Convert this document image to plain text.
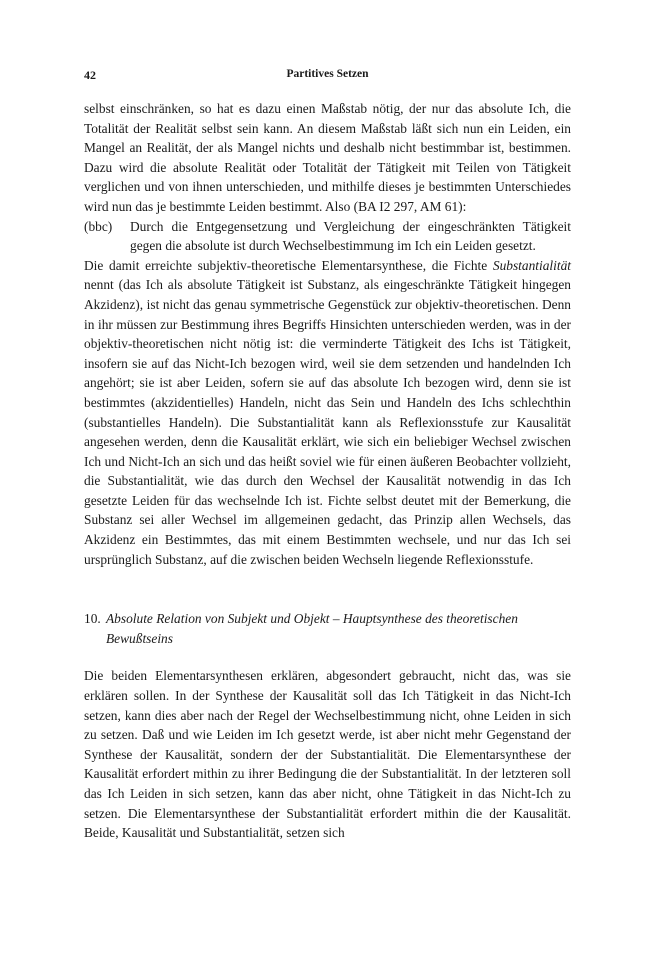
Partitives Setzen
42

selbst einschränken, so hat es dazu einen Maßstab nötig, der nur das absolute Ich, die Totalität der Realität selbst sein kann. An diesem Maßstab läßt sich nun ein Leiden, ein Mangel an Realität, der als Mangel nichts und deshalb nicht bestimmbar ist, bestimmen. Dazu wird die absolute Realität oder Totalität der Tätigkeit mit Teilen von Tätigkeit verglichen und von ihnen unterschieden, und mithilfe dieses je bestimmten Unterschiedes wird nun das je bestimmte Leiden bestimmt. Also (BA I2 297, AM 61):

(bbc)	Durch die Entgegensetzung und Vergleichung der eingeschränkten Tätigkeit gegen die absolute ist durch Wechselbestimmung im Ich ein Leiden gesetzt.

Die damit erreichte subjektiv-theoretische Elementarsynthese, die Fichte Substantialität nennt (das Ich als absolute Tätigkeit ist Substanz, als eingeschränkte Tätigkeit hingegen Akzidenz), ist nicht das genau symmetrische Gegenstück zur objektiv-theoretischen. Denn in ihr müssen zur Bestimmung ihres Begriffs Hinsichten unterschieden werden, was in der objektiv-theoretischen nicht nötig ist: die verminderte Tätigkeit des Ichs ist Tätigkeit, insofern sie auf das Nicht-Ich bezogen wird, weil sie dem setzenden und handelnden Ich angehört; sie ist aber Leiden, sofern sie auf das absolute Ich bezogen wird, denn sie ist bestimmtes (akzidentielles) Handeln, nicht das Sein und Handeln des Ichs schlechthin (substantielles Handeln). Die Substantialität kann als Reflexionsstufe zur Kausalität angesehen werden, denn die Kausalität erklärt, wie sich ein beliebiger Wechsel zwischen Ich und Nicht-Ich an sich und das heißt soviel wie für einen äußeren Beobachter vollzieht, die Substantialität, wie das durch den Wechsel der Kausalität notwendig in das Ich gesetzte Leiden für das wechselnde Ich ist. Fichte selbst deutet mit der Bemerkung, die Substanz sei aller Wechsel im allgemeinen gedacht, das Prinzip allen Wechsels, das Akzidenz ein Bestimmtes, das mit einem Bestimmten wechsele, und nur das Ich sei ursprünglich Substanz, auf die zwischen beiden Wechseln liegende Reflexionsstufe.

10. Absolute Relation von Subjekt und Objekt – Hauptsynthese des theoretischen Bewußtseins

Die beiden Elementarsynthesen erklären, abgesondert gebraucht, nicht das, was sie erklären sollen. In der Synthese der Kausalität soll das Ich Tätigkeit in das Nicht-Ich setzen, kann dies aber nach der Regel der Wechselbestimmung nicht, ohne Leiden in sich zu setzen. Daß und wie Leiden im Ich gesetzt werde, ist aber nicht mehr Gegenstand der Synthese der Kausalität, sondern der der Substantialität. Die Elementarsynthese der Kausalität erfordert mithin zu ihrer Bedingung die der Substantialität. In der letzteren soll das Ich Leiden in sich setzen, kann das aber nicht, ohne Tätigkeit in das Nicht-Ich zu setzen. Die Elementarsynthese der Substantialität erfordert mithin die der Kausalität. Beide, Kausalität und Substantialität, setzen sich
